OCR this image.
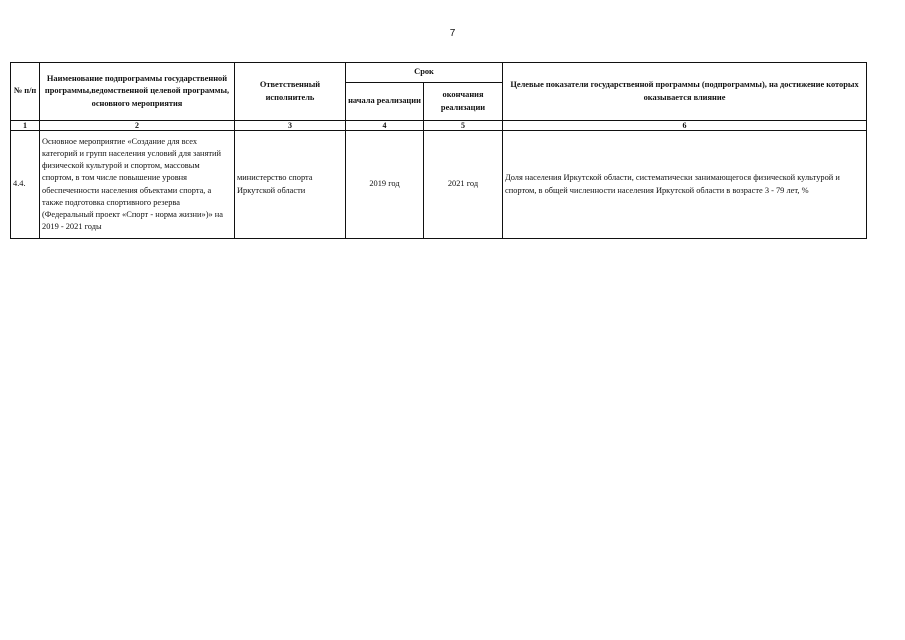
7
№ п/п	Наименование подпрограммы государственной программы,ведомственной целевой программы, основного мероприятия	Ответственный исполнитель	Срок		Целевые показатели государственной программы (подпрограммы), на достижение которых оказывается влияние
			начала реализации	окончания реализации	
1	2	3	4	5	6
4.4.	Основное мероприятие «Создание для всех категорий и групп населения условий для занятий физической культурой и спортом, массовым спортом, в том числе повышение уровня обеспеченности населения объектами спорта, а также подготовка спортивного резерва (Федеральный проект «Спорт - норма жизни»)» на 2019 - 2021 годы	министерство спорта Иркутской области	2019 год	2021 год	Доля населения Иркутской области, систематически занимающегося физической культурой и спортом, в общей численности населения Иркутской области в возрасте 3 - 79 лет, %
